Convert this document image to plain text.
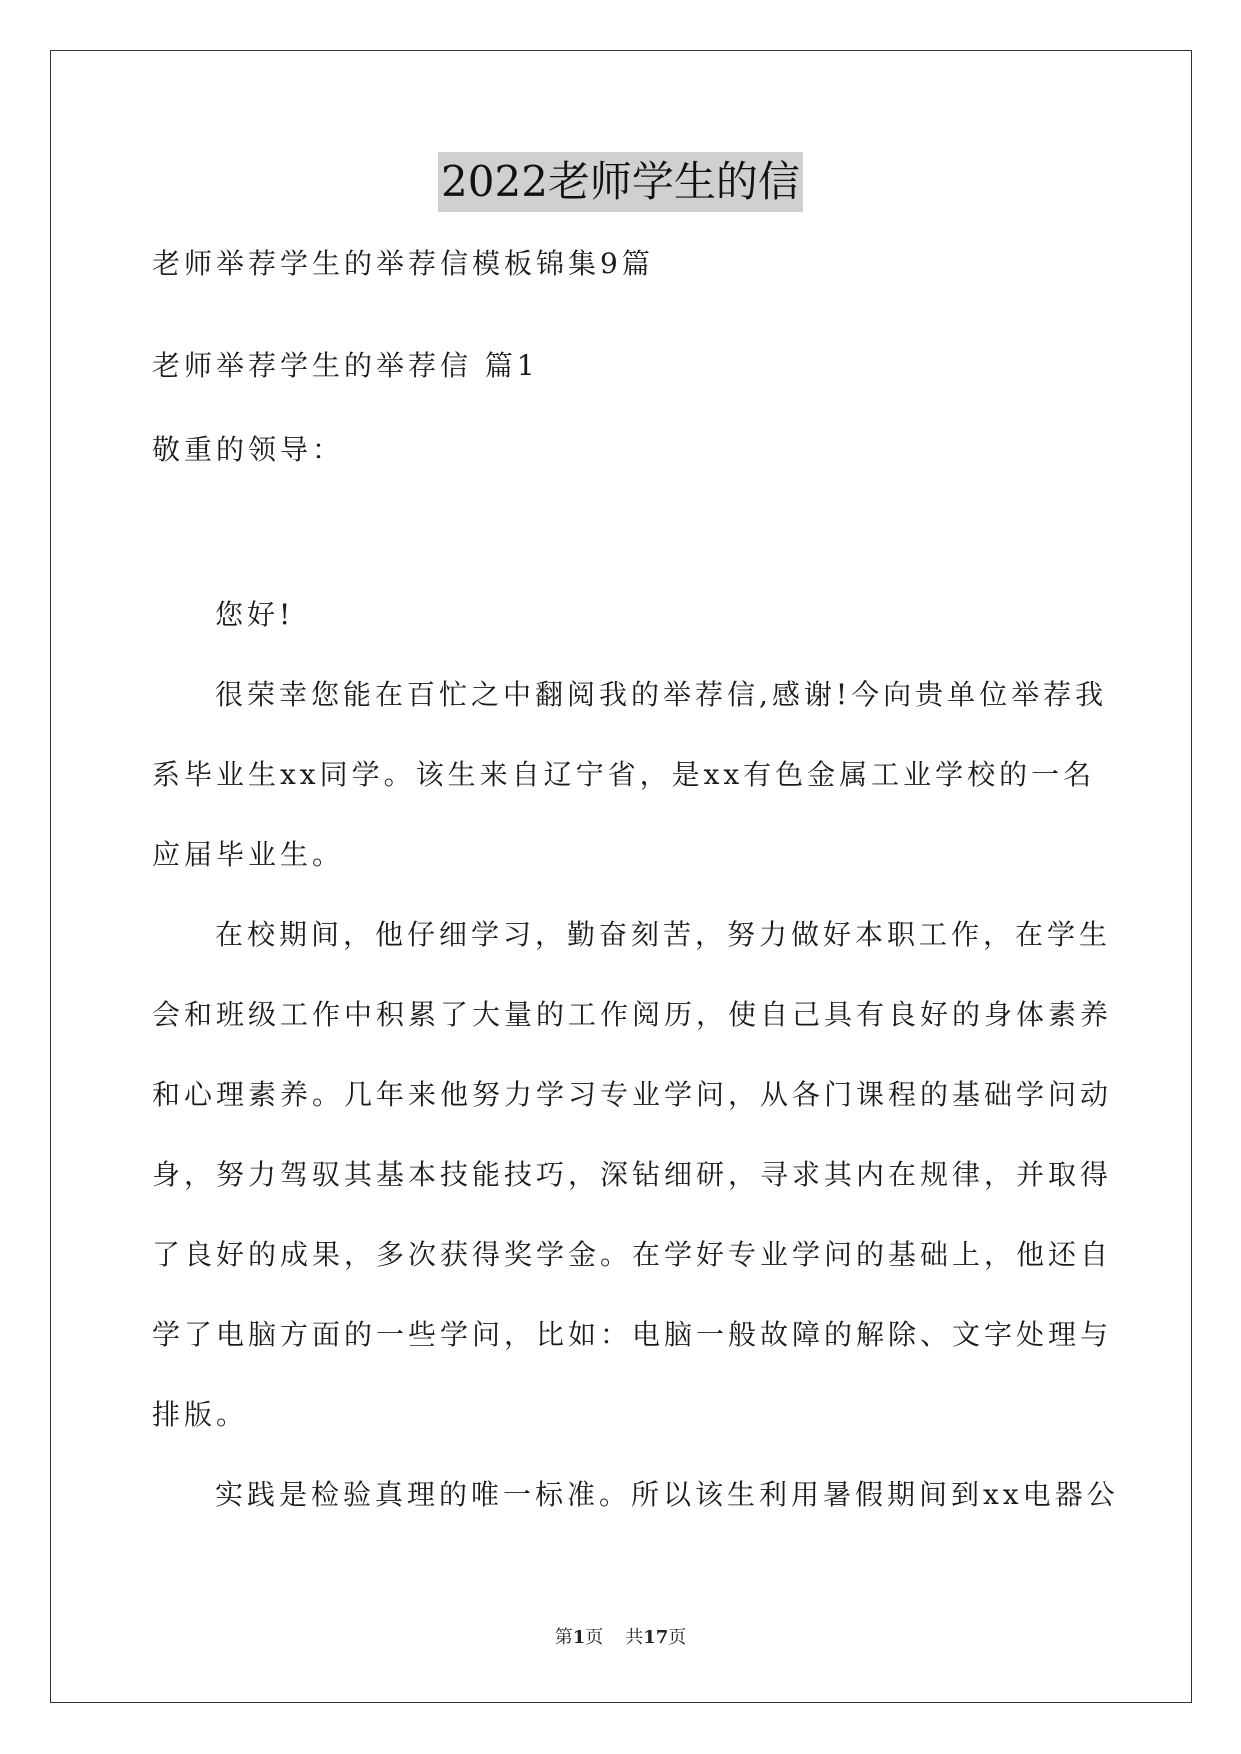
2022老师学生的信
老师举荐学生的举荐信模板锦集9篇
老师举荐学生的举荐信 篇1
敬重的领导：
您好!
很荣幸您能在百忙之中翻阅我的举荐信,感谢!今向贵单位举荐我
系毕业生xx同学。该生来自辽宁省，是xx有色金属工业学校的一名
应届毕业生。
在校期间，他仔细学习，勤奋刻苦，努力做好本职工作，在学生
会和班级工作中积累了大量的工作阅历，使自己具有良好的身体素养
和心理素养。几年来他努力学习专业学问，从各门课程的基础学问动
身，努力驾驭其基本技能技巧，深钻细研，寻求其内在规律，并取得
了良好的成果，多次获得奖学金。在学好专业学问的基础上，他还自
学了电脑方面的一些学问，比如：电脑一般故障的解除、文字处理与
排版。
实践是检验真理的唯一标准。所以该生利用暑假期间到xx电器公
第1页 共17页
